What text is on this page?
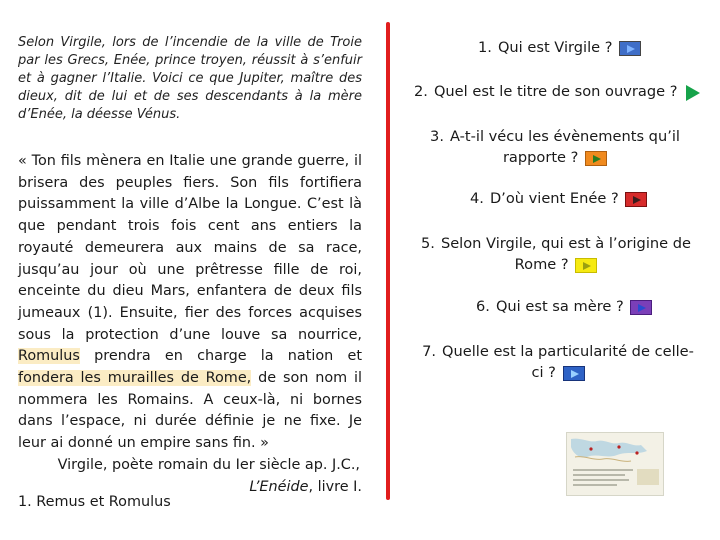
Selon Virgile, lors de l’incendie de la ville de Troie par les Grecs, Enée, prince troyen, réussit à s’enfuir et à gagner l’Italie. Voici ce que Jupiter, maître des dieux, dit de lui et de ses descendants à la mère d’Enée, la déesse Vénus.

« Ton fils mènera en Italie une grande guerre, il brisera des peuples fiers. Son fils fortifiera puissamment la ville d’Albe la Longue. C’est là que pendant trois fois cent ans entiers la royauté demeurera aux mains de sa race, jusqu’au jour où une prêtresse fille de roi, enceinte du dieu Mars, enfantera de deux fils jumeaux (1). Ensuite, fier des forces acquises sous la protection d’une louve sa nourrice, Romulus prendra en charge la nation et fondera les murailles de Rome, de son nom il nommera les Romains. A ceux-là, ni bornes dans l’espace, ni durée définie je ne fixe. Je leur ai donné un empire sans fin. »

Virgile, poète romain du Ier siècle ap. J.C.,
L’Enéide, livre I.
1. Remus et Romulus
1. Qui est Virgile ?
2. Quel est le titre de son ouvrage ?
3. A-t-il vécu les évènements qu’il
rapporte ?
4. D’où vient Enée ?
5. Selon Virgile, qui est à l’origine de
Rome ?
6. Qui est sa mère ?
7. Quelle est la particularité de celle-
ci ?
